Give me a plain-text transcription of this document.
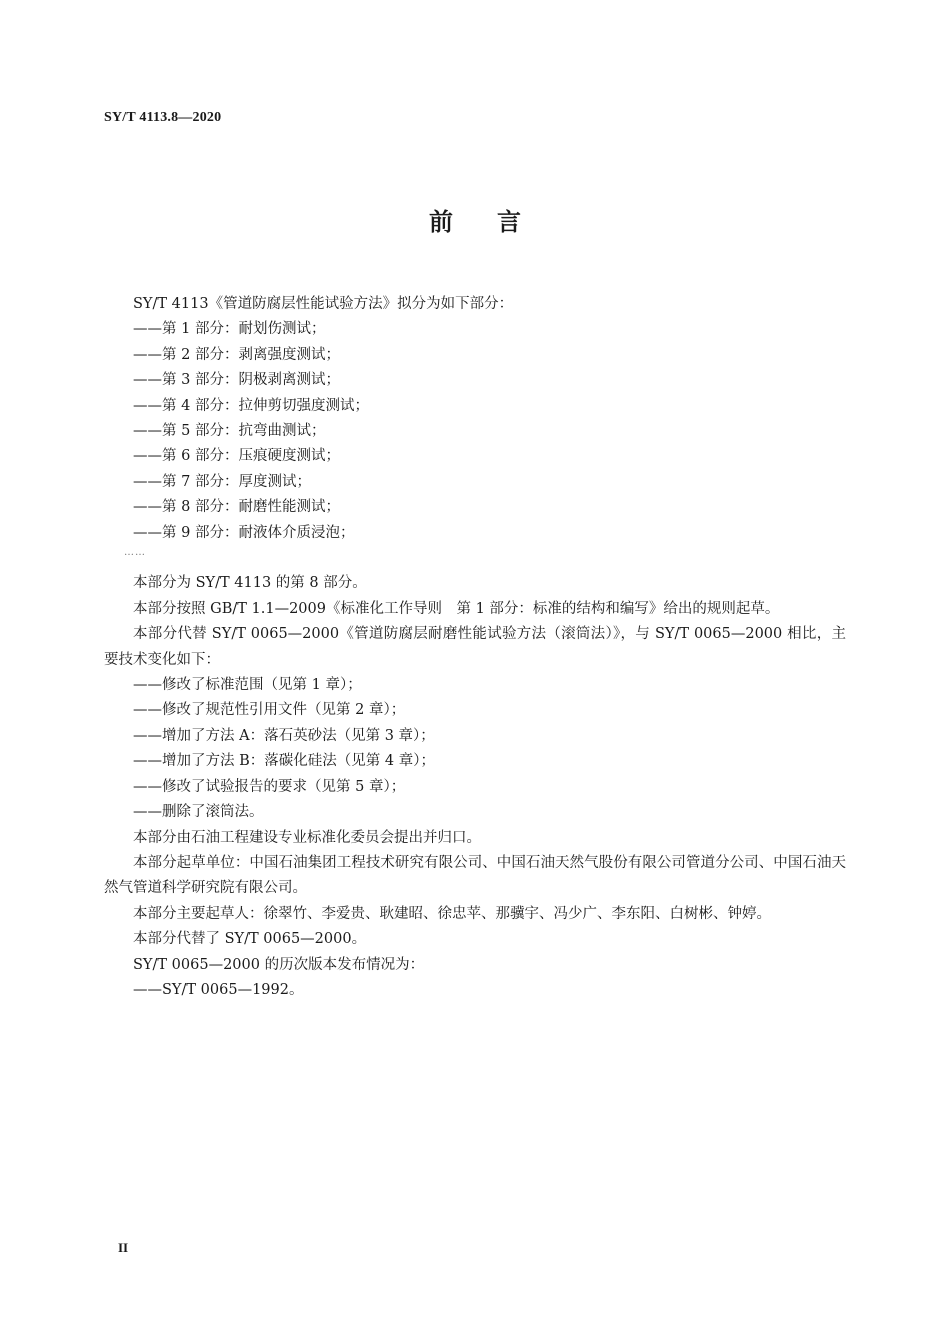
SY/T 4113.8—2020
前言

SY/T 4113《管道防腐层性能试验方法》拟分为如下部分：

——第 1 部分：耐划伤测试；

——第 2 部分：剥离强度测试；

——第 3 部分：阴极剥离测试；

——第 4 部分：拉伸剪切强度测试；

——第 5 部分：抗弯曲测试；

——第 6 部分：压痕硬度测试；

——第 7 部分：厚度测试；

——第 8 部分：耐磨性能测试；

——第 9 部分：耐液体介质浸泡；

……

本部分为 SY/T 4113 的第 8 部分。

本部分按照 GB/T 1.1—2009《标准化工作导则　第 1 部分：标准的结构和编写》给出的规则起草。

本部分代替 SY/T 0065—2000《管道防腐层耐磨性能试验方法（滚筒法）》，与 SY/T 0065—2000 相比，主要技术变化如下：

——修改了标准范围（见第 1 章）；

——修改了规范性引用文件（见第 2 章）；

——增加了方法 A：落石英砂法（见第 3 章）；

——增加了方法 B：落碳化硅法（见第 4 章）；

——修改了试验报告的要求（见第 5 章）；

——删除了滚筒法。

本部分由石油工程建设专业标准化委员会提出并归口。

本部分起草单位：中国石油集团工程技术研究有限公司、中国石油天然气股份有限公司管道分公司、中国石油天然气管道科学研究院有限公司。

本部分主要起草人：徐翠竹、李爱贵、耿建昭、徐忠苹、那骥宇、冯少广、李东阳、白树彬、钟婷。

本部分代替了 SY/T 0065—2000。

SY/T 0065—2000 的历次版本发布情况为：

——SY/T 0065—1992。

II
